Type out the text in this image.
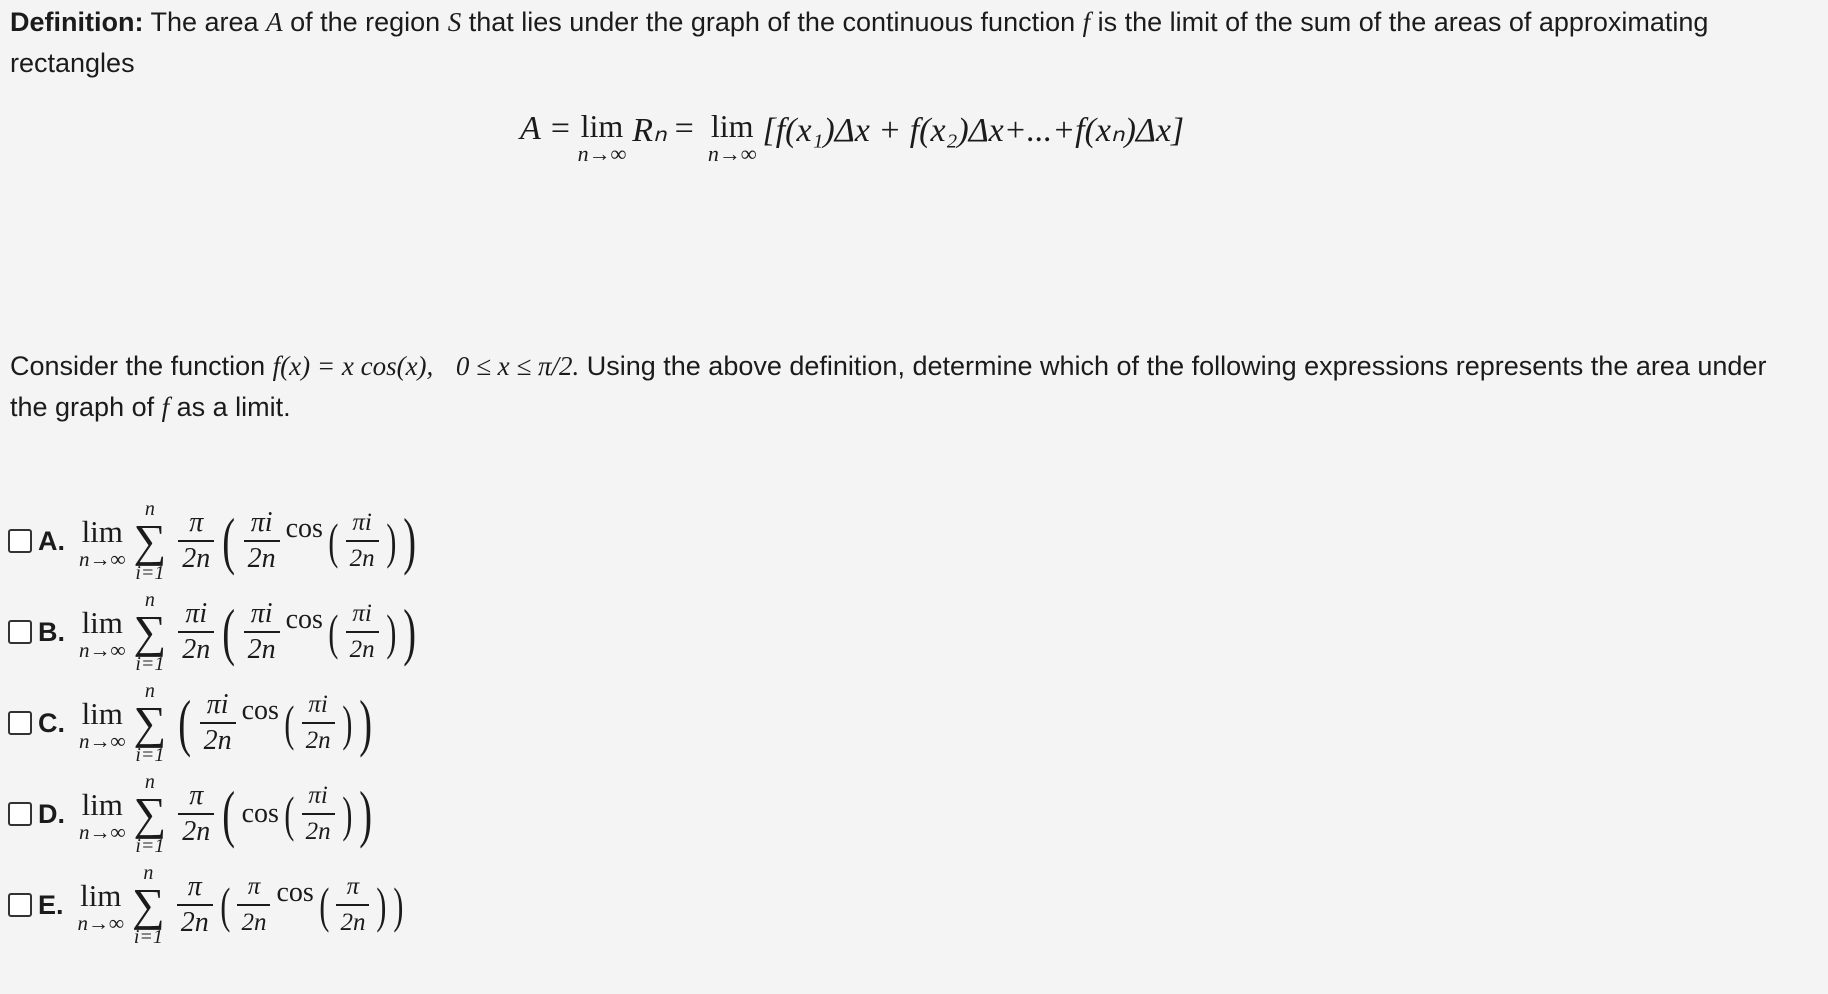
Definition: The area A of the region S that lies under the graph of the continuous function f is the limit of the sum of the areas of approximating rectangles
A = lim
n→∞
Rₙ = lim
n→∞
[f(x₁)Δx + f(x₂)Δx+...+f(xₙ)Δx]
Consider the function f(x) = x cos(x), 0 ≤ x ≤ π/2. Using the above definition, determine which of the following expressions represents the area under the graph of f as a limit.
A. lim
n→∞
n
∑
$i=1 \frac{\pi}{2n}$ ( $\frac{\pi i}{2n}$ cos ( $\frac{\pi i}{2n}$ ) )
B. lim
n→∞
n
∑
$i=1 \frac{\pi i}{2n}$ ( $\frac{\pi i}{2n}$ cos ( $\frac{\pi i}{2n}$ ) )
C. lim
n→∞
n
∑
i=1 ( $\frac{\pi i}{2n}$ cos ( $\frac{\pi i}{2n}$ ) )
D. lim
n→∞
n
∑
$i=1 \frac{\pi}{2n}$ ( cos ( $\frac{\pi i}{2n}$ ) )
E. lim
n→∞
n
∑
$i=1 \frac{\pi}{2n}$ ( $\frac{\pi}{2n}$ cos ( $\frac{\pi}{2n}$ ) )
